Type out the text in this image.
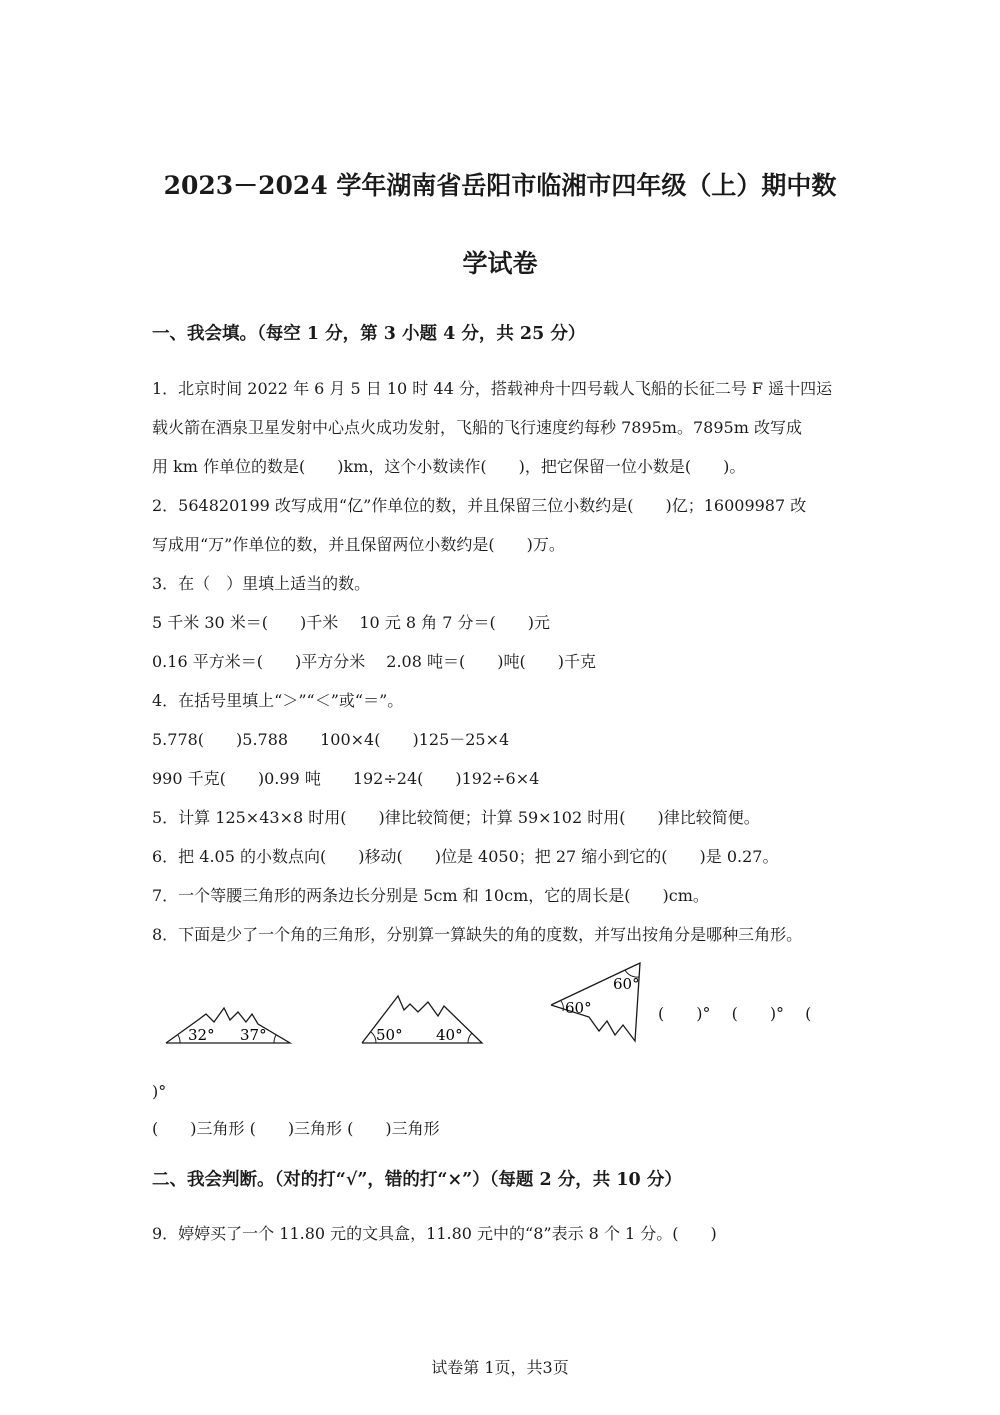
2023－2024 学年湖南省岳阳市临湘市四年级（上）期中数
学试卷
一、我会填。（每空 1 分，第 3 小题 4 分，共 25 分）
1．北京时间 2022 年 6 月 5 日 10 时 44 分，搭载神舟十四号载人飞船的长征二号 F 遥十四运
载火箭在酒泉卫星发射中心点火成功发射，飞船的飞行速度约每秒 7895m。7895m 改写成
用 km 作单位的数是(　　)km，这个小数读作(　　)，把它保留一位小数是(　　)。
2．564820199 改写成用“亿”作单位的数，并且保留三位小数约是(　　)亿；16009987 改
写成用“万”作单位的数，并且保留两位小数约是(　　)万。
3．在（　）里填上适当的数。
5 千米 30 米＝(　　)千米　 10 元 8 角 7 分＝(　　)元
0.16 平方米＝(　　)平方分米　 2.08 吨＝(　　)吨(　　)千克
4．在括号里填上“＞”“＜”或“＝”。
5.778(　　)5.788　　100×4(　　)125－25×4
990 千克(　　)0.99 吨　　192÷24(　　)192÷6×4
5．计算 125×43×8 时用(　　)律比较简便；计算 59×102 时用(　　)律比较简便。
6．把 4.05 的小数点向(　　)移动(　　)位是 4050；把 27 缩小到它的(　　)是 0.27。
7．一个等腰三角形的两条边长分别是 5cm 和 10cm，它的周长是(　　)cm。
8．下面是少了一个角的三角形，分别算一算缺失的角的度数，并写出按角分是哪种三角形。
32° 37°	50° 40°
60°
60°
(　　)°　 (　　)°　 (
)°
(　　)三角形 (　　)三角形 (　　)三角形
二、我会判断。（对的打“√”，错的打“×”）（每题 2 分，共 10 分）
9．婷婷买了一个 11.80 元的文具盒，11.80 元中的“8”表示 8 个 1 分。(　　)
试卷第 1页，共3页
